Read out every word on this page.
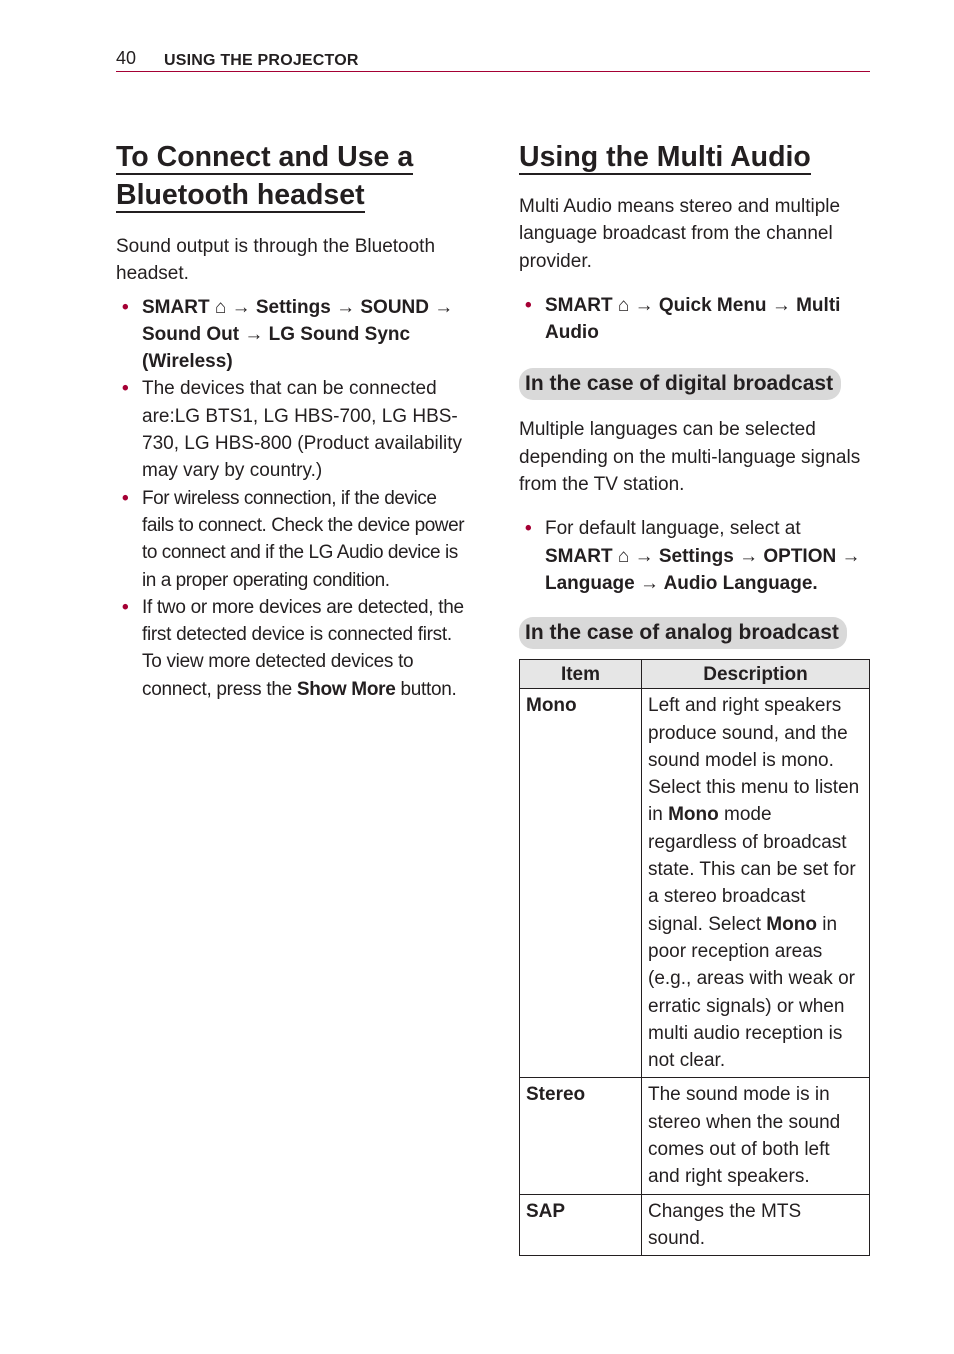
40 USING THE PROJECTOR
To Connect and Use a
Bluetooth headset

Sound output is through the Bluetooth headset.

• SMART ⌂ → Settings → SOUND → Sound Out → LG Sound Sync (Wireless)
• The devices that can be connected are:LG BTS1, LG HBS-700, LG HBS-730, LG HBS-800 (Product availability may vary by country.)
• For wireless connection, if the device fails to connect. Check the device power to connect and if the LG Audio device is in a proper operating condition.
• If two or more devices are detected, the first detected device is connected first. To view more detected devices to connect, press the Show More button.
Using the Multi Audio

Multi Audio means stereo and multiple language broadcast from the channel provider.

• SMART ⌂ → Quick Menu → Multi Audio
In the case of digital broadcast

Multiple languages can be selected depending on the multi-language signals from the TV station.

• For default language, select at
SMART ⌂ → Settings → OPTION → Language → Audio Language.
In the case of analog broadcast
Item	Description
Mono	Left and right speakers produce sound, and the sound model is mono. Select this menu to listen in Mono mode regardless of broadcast state. This can be set for a stereo broadcast signal. Select Mono in poor reception areas (e.g., areas with weak or erratic signals) or when multi audio reception is not clear.
Stereo	The sound mode is in stereo when the sound comes out of both left and right speakers.
SAP	Changes the MTS sound.
